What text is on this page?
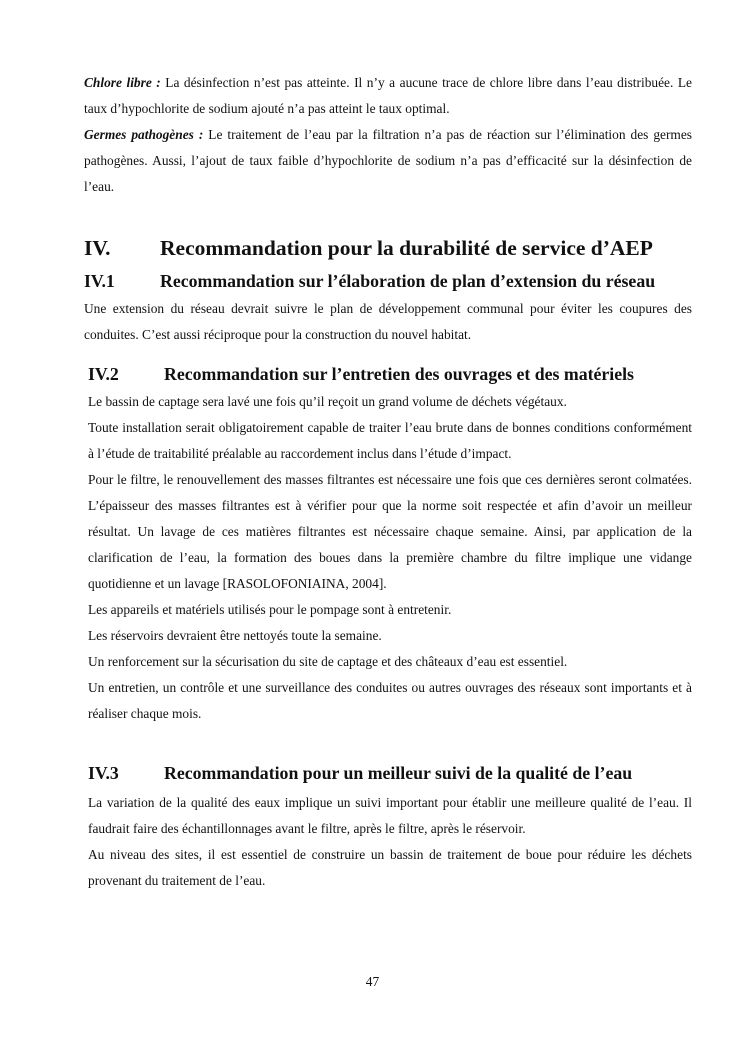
Chlore libre : La désinfection n’est pas atteinte. Il n’y a aucune trace de chlore libre dans l’eau distribuée. Le taux d’hypochlorite de sodium ajouté n’a pas atteint le taux optimal.

Germes pathogènes : Le traitement de l’eau par la filtration n’a pas de réaction sur l’élimination des germes pathogènes. Aussi, l’ajout de taux faible d’hypochlorite de sodium n’a pas d’efficacité sur la désinfection de l’eau.

IV.	Recommandation pour la durabilité de service d’AEP
IV.1	Recommandation sur l’élaboration de plan d’extension du réseau

Une extension du réseau devrait suivre le plan de développement communal pour éviter les coupures des conduites. C’est aussi réciproque pour la construction du nouvel habitat.

IV.2	Recommandation sur l’entretien des ouvrages et des matériels

Le bassin de captage sera lavé une fois qu’il reçoit un grand volume de déchets végétaux.

Toute installation serait obligatoirement capable de traiter l’eau brute dans de bonnes conditions conformément à l’étude de traitabilité préalable au raccordement inclus dans l’étude d’impact.

Pour le filtre, le renouvellement des masses filtrantes est nécessaire une fois que ces dernières seront colmatées. L’épaisseur des masses filtrantes est à vérifier pour que la norme soit respectée et afin d’avoir un meilleur résultat. Un lavage de ces matières filtrantes est nécessaire chaque semaine. Ainsi, par application de la clarification de l’eau, la formation des boues dans la première chambre du filtre implique une vidange quotidienne et un lavage [RASOLOFONIAINA, 2004].

Les appareils et matériels utilisés pour le pompage sont à entretenir.

Les réservoirs devraient être nettoyés toute la semaine.

Un renforcement sur la sécurisation du site de captage et des châteaux d’eau est essentiel.

Un entretien, un contrôle et une surveillance des conduites ou autres ouvrages des réseaux sont importants et à réaliser chaque mois.

IV.3	Recommandation pour un meilleur suivi de la qualité de l’eau

La variation de la qualité des eaux implique un suivi important pour établir une meilleure qualité de l’eau. Il faudrait faire des échantillonnages avant le filtre, après le filtre, après le réservoir.

Au niveau des sites, il est essentiel de construire un bassin de traitement de boue pour réduire les déchets provenant du traitement de l’eau.

47
